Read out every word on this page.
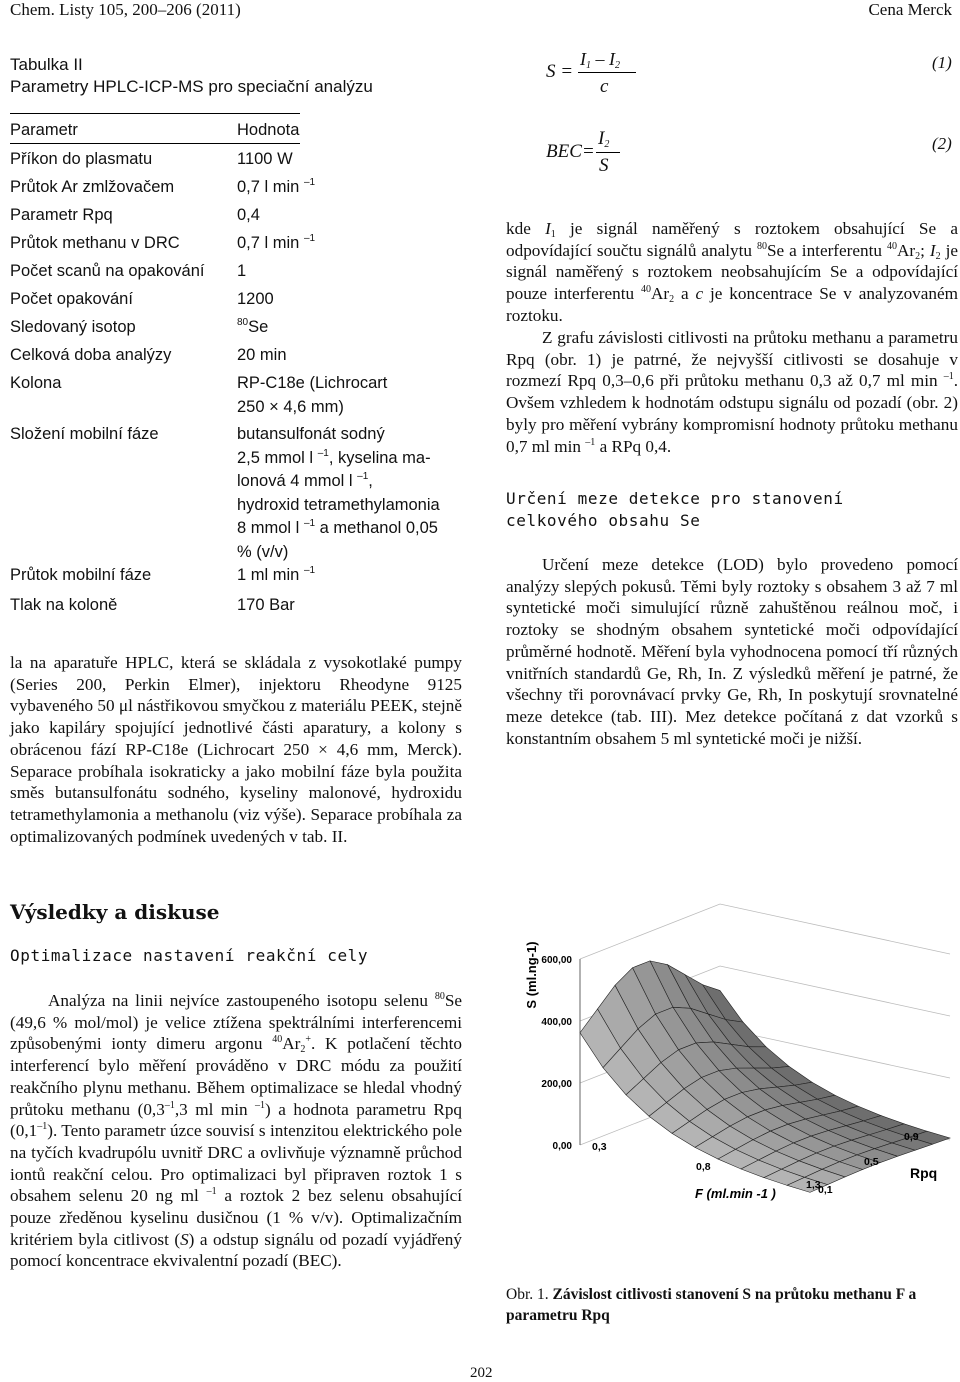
Chem. Listy 105, 200–206 (2011)	Cena Merck
Tabulka II
Parametry HPLC-ICP-MS pro speciační analýzu
Parametr	Hodnota
Příkon do plasmatu	1100 W
Průtok Ar zmlžovačem	0,7 l min $^{-1}$
Parametr Rpq	0,4
Průtok methanu v DRC	0,7 l min $^{-1}$
Počet scanů na opakování	1
Počet opakování	1200
Sledovaný isotop	$^{80}$Se
Celková doba analýzy	20 min
Kolona	RP-C18e (Lichrocart
250 × 4,6 mm)
Složení mobilní fáze	butansulfonát sodný
2,5 mmol l $^{-1}$, kyselina ma-
lonová 4 mmol l $^{-1}$,
hydroxid tetramethylamonia
8 mmol l $^{-1}$ a methanol 0,05
% (v/v)
Průtok mobilní fáze	1 ml min $^{-1}$
Tlak na koloně	170 Bar
la na aparatuře HPLC, která se skládala z vysokotlaké pumpy (Series 200, Perkin Elmer), injektoru Rheodyne 9125 vybaveného 50 μl nástřikovou smyčkou z materiálu PEEK, stejně jako kapiláry spojující jednotlivé části aparatury, a kolony s obrácenou fází RP-C18e (Lichrocart 250 × 4,6 mm, Merck). Separace probíhala isokraticky a jako mobilní fáze byla použita směs butansulfonátu sodného, kyseliny malonové, hydroxidu tetramethylamonia a methanolu (viz výše). Separace probíhala za optimalizovaných podmínek uvedených v tab. II.
Výsledky a diskuse
Optimalizace nastavení reakční cely
Analýza na linii nejvíce zastoupeného isotopu selenu $^{80}$Se (49,6 % mol/mol) je velice ztížena spektrálními interferencemi způsobenými ionty dimeru argonu $^{40}Ar_2^+$. K potlačení těchto interferencí bylo měření prováděno v DRC módu za použití reakčního plynu methanu. Během optimalizace se hledal vhodný průtoku methanu ($0,3^{-1},3$ ml min $^{-1}$) a hodnota parametru Rpq $(0,1^{-1})$. Tento parametr úzce souvisí s intenzitou elektrického pole na tyčích kvadrupólu uvnitř DRC a ovlivňuje významně průchod iontů reakční celou. Pro optimalizaci byl připraven roztok 1 s obsahem selenu 20 ng ml $^{-1}$ a roztok 2 bez selenu obsahující pouze zředěnou kyselinu dusičnou (1 % v/v). Optimalizačním kritériem byla citlivost (S) a odstup signálu od pozadí vyjádřený pomocí koncentrace ekvivalentní pozadí (BEC).
S =
$I_1 - I_2$
c
(1)
BEC=
$I_2$
S
(2)
kde $I_1$ je signál naměřený s roztokem obsahující Se a odpovídající součtu signálů analytu $^{80}$Se a interferentu $^{40}Ar_2$; $I_2$ je signál naměřený s roztokem neobsahujícím Se a odpovídající pouze interferentu $^{40}Ar_2$ a c je koncentrace Se v analyzovaném roztoku.
Z grafu závislosti citlivosti na průtoku methanu a parametru Rpq (obr. 1) je patrné, že nejvyšší citlivosti se dosahuje v rozmezí Rpq 0,3–0,6 při průtoku methanu 0,3 až 0,7 ml min $^{-1}$. Ovšem vzhledem k hodnotám odstupu signálu od pozadí (obr. 2) byly pro měření vybrány kompromisní hodnoty průtoku methanu 0,7 ml min $^{-1}$ a RPq 0,4.
Určení meze detekce pro stanovení celkového obsahu Se
Určení meze detekce (LOD) bylo provedeno pomocí analýzy slepých pokusů. Těmi byly roztoky s obsahem 3 až 7 ml syntetické moči simulující různě zahuštěnou reálnou moč, i roztoky se shodným obsahem syntetické moči odpovídající průměrné hodnotě. Měření byla vyhodnocena pomocí tří různých vnitřních standardů Ge, Rh, In. Z výsledků měření je patrné, že všechny tři porovnávací prvky Ge, Rh, In poskytují srovnatelné meze detekce (tab. III). Mez detekce počítaná z dat vzorků s konstantním obsahem 5 ml syntetické moči je nižší.
0,00
200,00
400,00
600,00
S (ml.ng-1)
F (ml.min -1 )
Rpq
0,3
0,8
1,3
0,1
0,5
0,9
Obr. 1. Závislost citlivosti stanovení S na průtoku methanu F a parametru Rpq
202
